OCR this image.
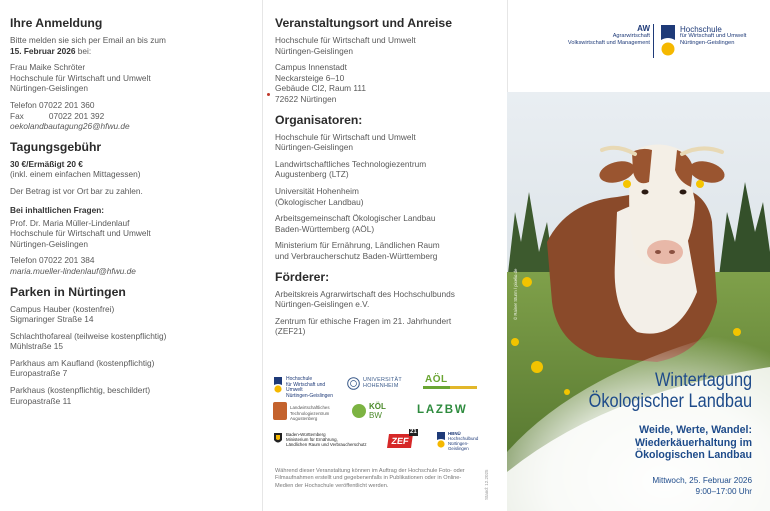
Ihre Anmeldung

Bitte melden sie sich per Email an bis zum
15. Februar 2026 bei:

Frau Maike Schröter
Hochschule für Wirtschaft und Umwelt
Nürtingen-Geislingen

Telefon 07022 201 360
Fax	07022 201 392
oekolandbautagung26@hfwu.de

Tagungsgebühr

30 €/Ermäßigt 20 €
(inkl. einem einfachen Mittagessen)

Der Betrag ist vor Ort bar zu zahlen.

Bei inhaltlichen Fragen:

Prof. Dr. Maria Müller-Lindenlauf
Hochschule für Wirtschaft und Umwelt
Nürtingen-Geislingen

Telefon 07022 201 384
maria.mueller-lindenlauf@hfwu.de

Parken in Nürtingen

Campus Hauber (kostenfrei)
Sigmaringer Straße 14

Schlachthofareal (teilweise kostenpflichtig)
Mühlstraße 15

Parkhaus am Kaufland (kostenpflichtig)
Europastraße 7

Parkhaus (kostenpflichtig, beschildert)
Europastraße 11

Veranstaltungsort und Anreise

Hochschule für Wirtschaft und Umwelt
Nürtingen-Geislingen

Campus Innenstadt
Neckarsteige 6–10
Gebäude CI2, Raum 111
72622 Nürtingen

Organisatoren:

Hochschule für Wirtschaft und Umwelt
Nürtingen-Geislingen

Landwirtschaftliches Technologiezentrum
Augustenberg (LTZ)

Universität Hohenheim
(Ökologischer Landbau)

Arbeitsgemeinschaft Ökologischer Landbau
Baden-Württemberg (AÖL)

Ministerium für Ernährung, Ländlichen Raum
und Verbraucherschutz Baden-Württemberg

Förderer:

Arbeitskreis Agrarwirtschaft des Hochschulbunds
Nürtingen-Geislingen e.V.

Zentrum für ethische Fragen im 21. Jahrhundert
(ZEF21)

Hochschule
für Wirtschaft und Umwelt
Nürtingen-Geislingen
UNIVERSITÄT
HOHENHEIM
AÖL
Landwirtschaftliches
Technologiezentrum
Augustenberg
KÖL
BW	LAZBW
Baden-Württemberg
Ministerium für Ernährung,
Ländlichen Raum und Verbraucherschutz	ZEF
21	HBNÜ
Hochschulbund
Nürtingen-Geislingen
Während dieser Veranstaltung können im Auftrag der Hochschule Foto- oder Filmaufnahmen erstellt und gegebenenfalls in Publikationen oder in Online-Medien der Hochschule veröffentlicht werden.	Stand: 12.2025
AW
Agrarwirtschaft
Volkswirtschaft und Management
Hochschule
für Wirtschaft und Umwelt
Nürtingen-Geislingen
© Rainer Sturm / pixelio.de
Wintertagung
Ökologischer Landbau
Weide, Werte, Wandel:
Wiederkäuerhaltung im
Ökologischen Landbau
Mittwoch, 25. Februar 2026
9:00–17:00 Uhr
